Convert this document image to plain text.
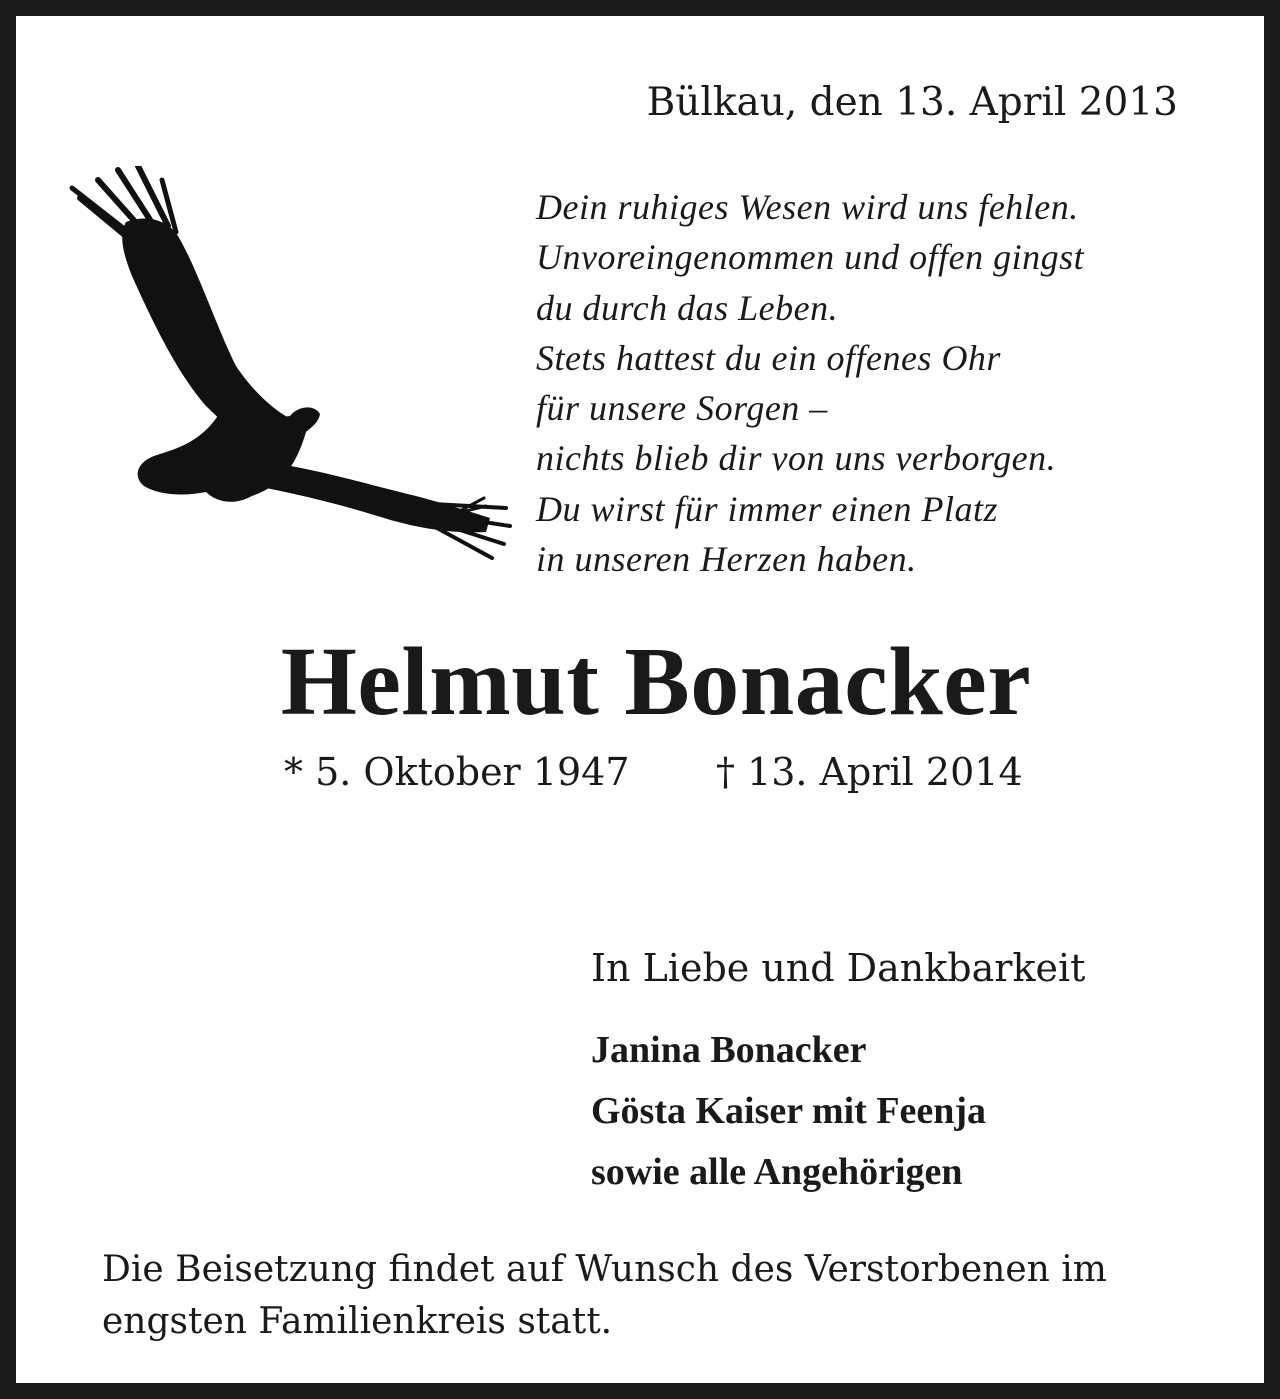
Bülkau, den 13. April 2013
Dein ruhiges Wesen wird uns fehlen.
Unvoreingenommen und offen gingst
du durch das Leben.
Stets hattest du ein offenes Ohr
für unsere Sorgen –
nichts blieb dir von uns verborgen.
Du wirst für immer einen Platz
in unseren Herzen haben.
Helmut Bonacker
* 5. Oktober 1947 † 13. April 2014
In Liebe und Dankbarkeit
Janina Bonacker
Gösta Kaiser mit Feenja
sowie alle Angehörigen
Die Beisetzung findet auf Wunsch des Verstorbenen im engsten Familienkreis statt.
